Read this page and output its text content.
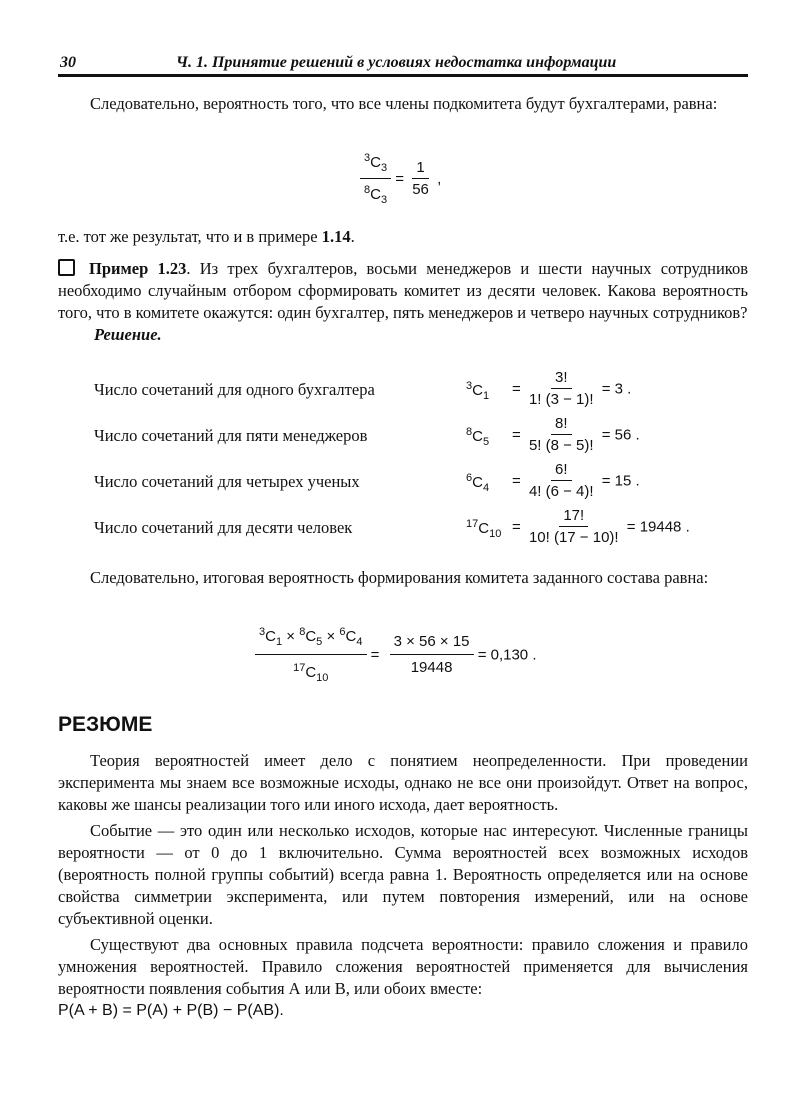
30	Ч. 1. Принятие решений в условиях недостатка информации
Следовательно, вероятность того, что все члены подкомитета будут бухгалтерами, равна:
$\frac{^3C_3}{^8C_3} = \frac{1}{56}$ ,
т.е. тот же результат, что и в примере 1.14.

Пример 1.23. Из трех бухгалтеров, восьми менеджеров и шести научных сотрудников необходимо случайным отбором сформировать комитет из десяти человек. Какова вероятность того, что в комитете окажутся: один бухгалтер, пять менеджеров и четверо научных сотрудников?

Решение.

Число сочетаний для одного бухгалтера	$^3C_1 = \frac{3!}{1! (3 - 1)!} = 3$ .
Число сочетаний для пяти менеджеров	$^8C_5 = \frac{8!}{5! (8 - 5)!} = 56$ .
Число сочетаний для четырех ученых	$^6C_4 = \frac{6!}{4! (6 - 4)!} = 15$ .
Число сочетаний для десяти человек	$^{17}C_{10} = \frac{17!}{10! (17 - 10)!} = 19448$ .
Следовательно, итоговая вероятность формирования комитета заданного состава равна:
$\frac{^3C_1 \times ^8C_5 \times ^6C_4}{^{17}C_{10}} = \frac{3 \times 56 \times 15}{19448} = 0,130$ .

РЕЗЮМЕ

Теория вероятностей имеет дело с понятием неопределенности. При проведении эксперимента мы знаем все возможные исходы, однако не все они произойдут. Ответ на вопрос, каковы же шансы реализации того или иного исхода, дает вероятность.

Событие — это один или несколько исходов, которые нас интересуют. Численные границы вероятности — от 0 до 1 включительно. Сумма вероятностей всех возможных исходов (вероятность полной группы событий) всегда равна 1. Вероятность определяется или на основе свойства симметрии эксперимента, или путем повторения измерений, или на основе субъективной оценки.

Существуют два основных правила подсчета вероятности: правило сложения и правило умножения вероятностей. Правило сложения вероятностей применяется для вычисления вероятности появления события А или В, или обоих вместе:

P(A + B) = P(A) + P(B) − P(AB).
